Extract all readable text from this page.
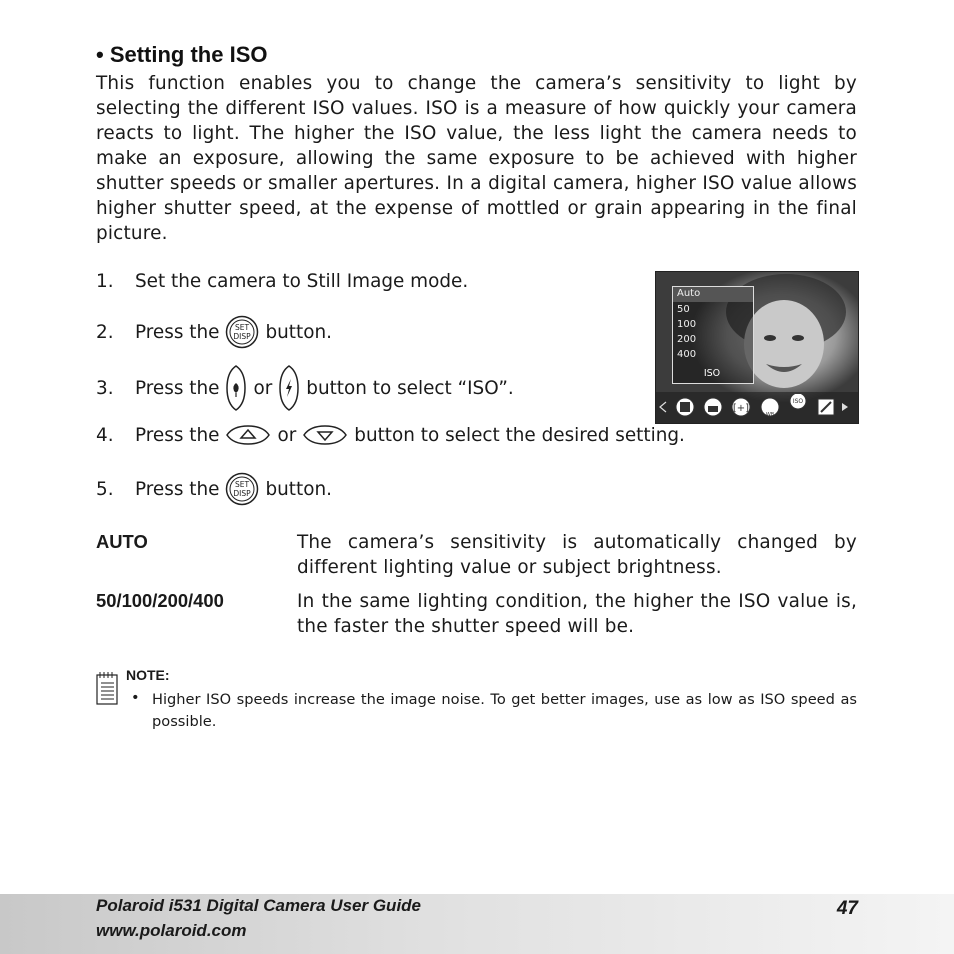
• Setting the ISO
This function enables you to change the camera’s sensitivity to light by selecting the different ISO values. ISO is a measure of how quickly your camera reacts to light. The higher the ISO value, the less light the camera needs to make an exposure, allowing the same exposure to be achieved with higher shutter speeds or smaller apertures. In a digital camera, higher ISO value allows higher shutter speed, at the expense of mottled or grain appearing in the final picture.
1.	Set the camera to Still Image mode.
2.	Press the SET
DISP button.
3.	Press the or button to select “ISO”.
4.	Press the	or	button to select the desired setting.
5.	Press the SET
DISP button.
Auto
50
100
200
400
ISO
[+]
WB
ISO
AUTO	The camera’s sensitivity is automatically changed by different lighting value or subject brightness.
50/100/200/400	In the same lighting condition, the higher the ISO value is, the faster the shutter speed will be.
NOTE:
• Higher ISO speeds increase the image noise. To get better images, use as low as ISO speed as possible.
Polaroid i531 Digital Camera User Guide
www.polaroid.com
47
